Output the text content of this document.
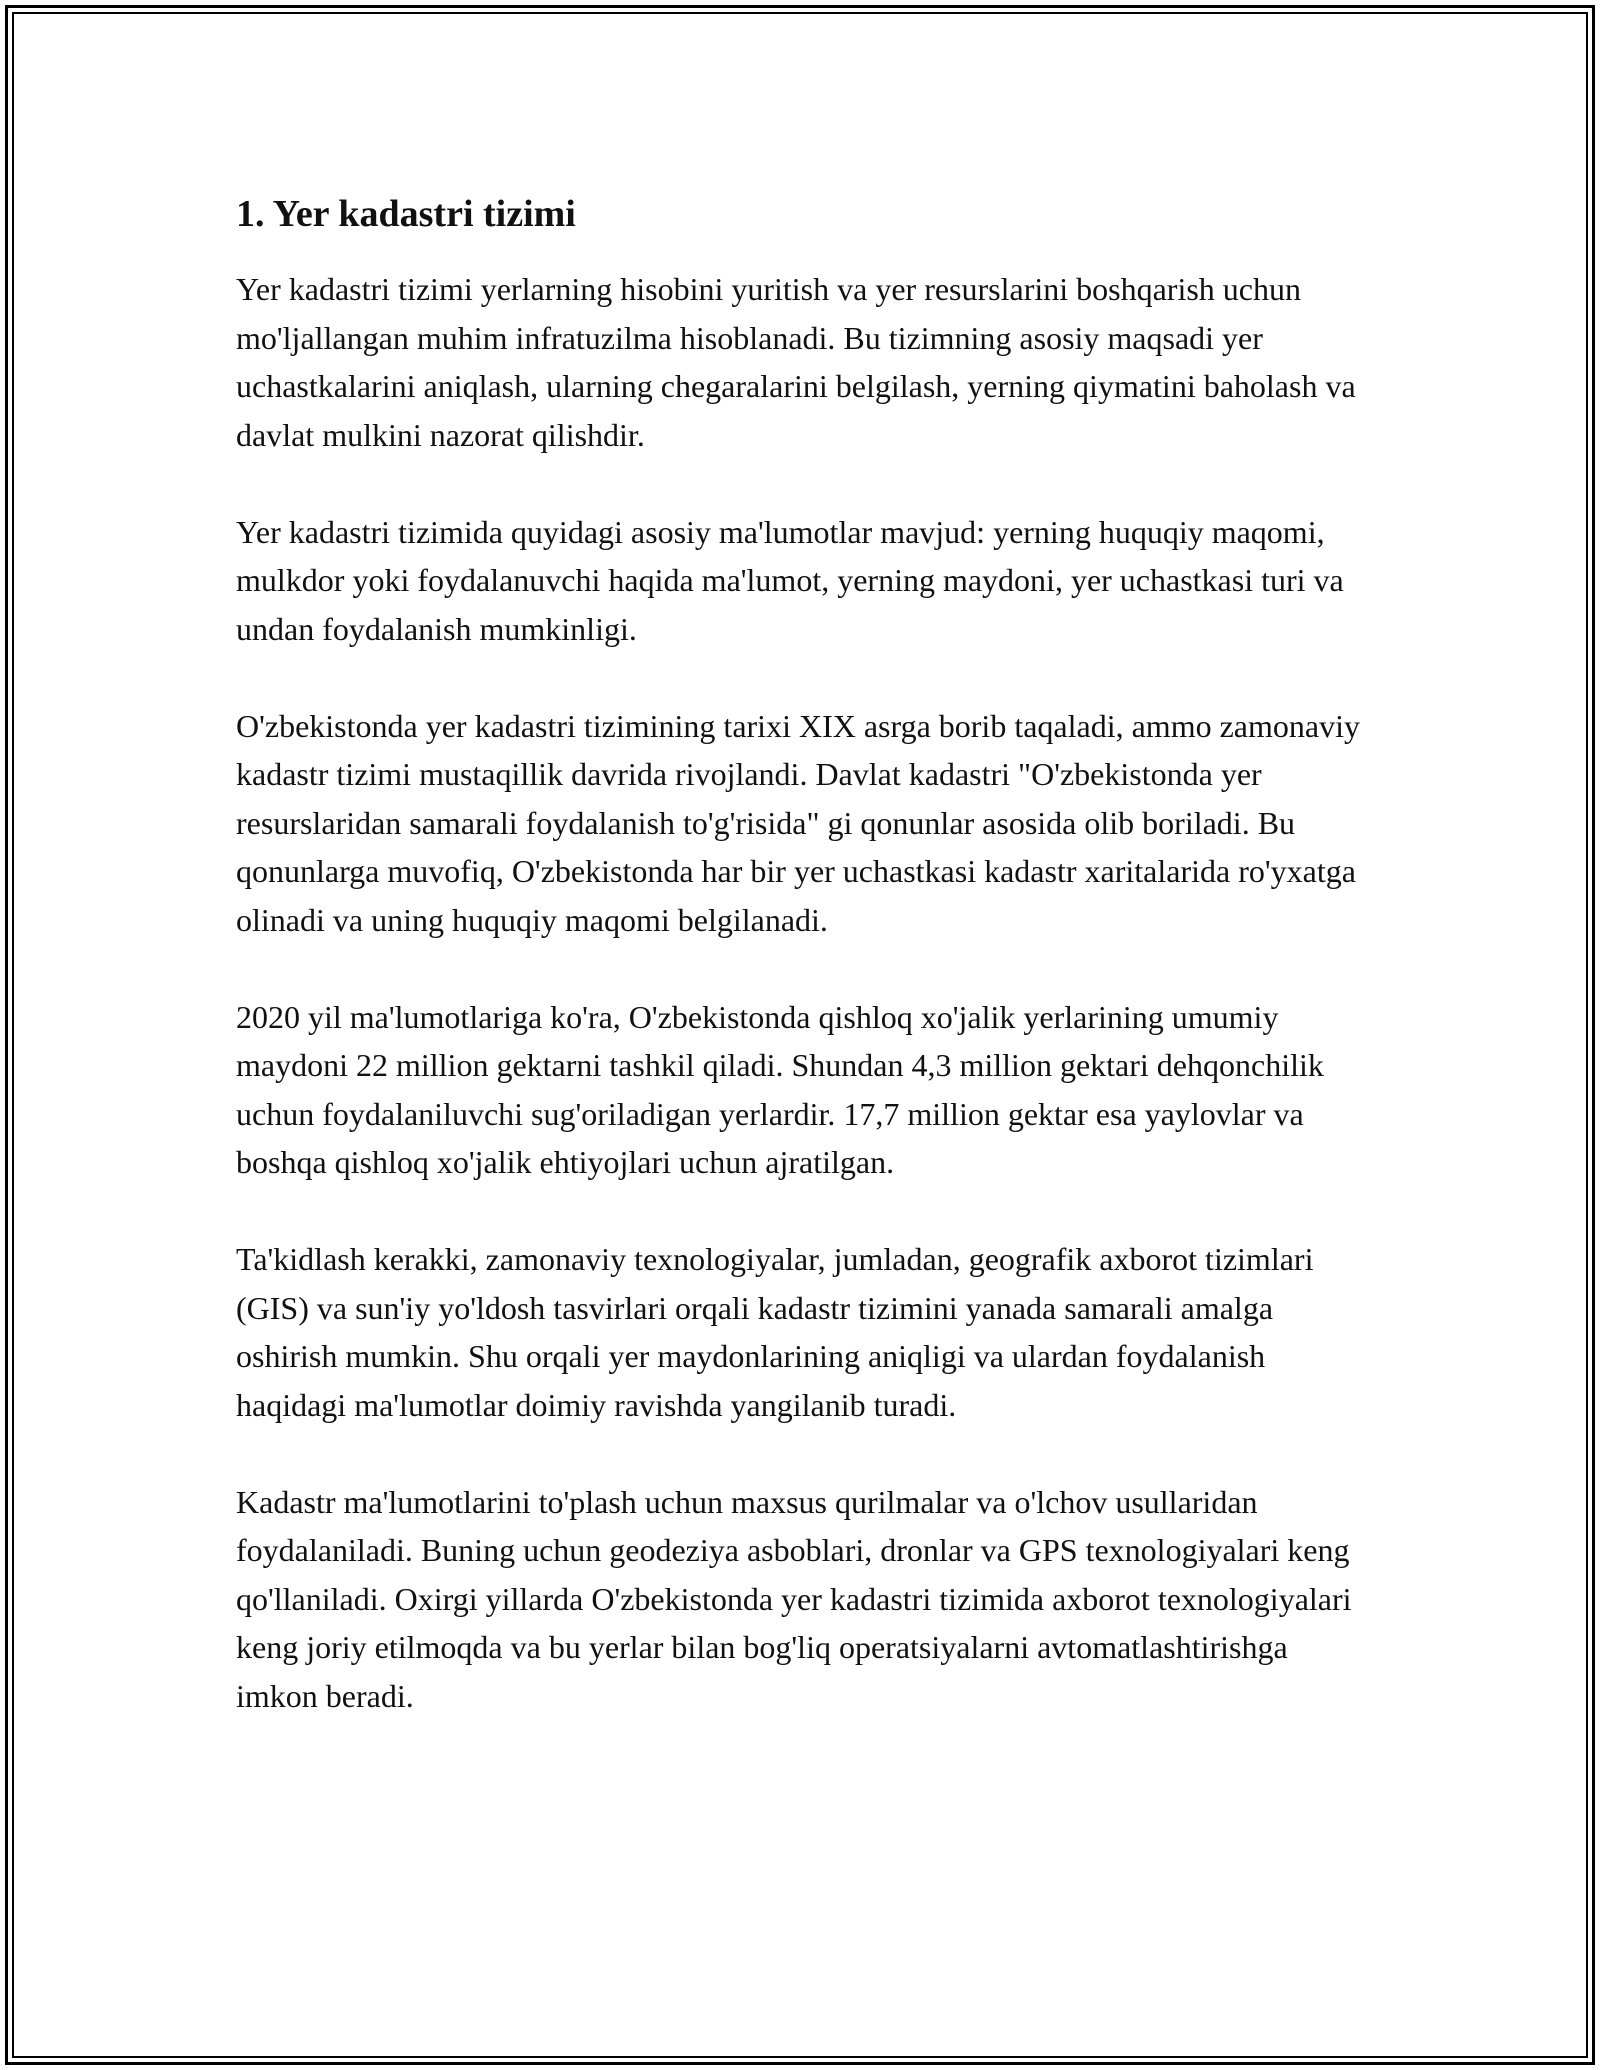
1. Yer kadastri tizimi

Yer kadastri tizimi yerlarning hisobini yuritish va yer resurslarini boshqarish uchun mo'ljallangan muhim infratuzilma hisoblanadi. Bu tizimning asosiy maqsadi yer uchastkalarini aniqlash, ularning chegaralarini belgilash, yerning qiymatini baholash va davlat mulkini nazorat qilishdir.

Yer kadastri tizimida quyidagi asosiy ma'lumotlar mavjud: yerning huquqiy maqomi, mulkdor yoki foydalanuvchi haqida ma'lumot, yerning maydoni, yer uchastkasi turi va undan foydalanish mumkinligi.

O'zbekistonda yer kadastri tizimining tarixi XIX asrga borib taqaladi, ammo zamonaviy kadastr tizimi mustaqillik davrida rivojlandi. Davlat kadastri "O'zbekistonda yer resurslaridan samarali foydalanish to'g'risida" gi qonunlar asosida olib boriladi. Bu qonunlarga muvofiq, O'zbekistonda har bir yer uchastkasi kadastr xaritalarida ro'yxatga olinadi va uning huquqiy maqomi belgilanadi.

2020 yil ma'lumotlariga ko'ra, O'zbekistonda qishloq xo'jalik yerlarining umumiy maydoni 22 million gektarni tashkil qiladi. Shundan 4,3 million gektari dehqonchilik uchun foydalaniluvchi sug'oriladigan yerlardir. 17,7 million gektar esa yaylovlar va boshqa qishloq xo'jalik ehtiyojlari uchun ajratilgan.

Ta'kidlash kerakki, zamonaviy texnologiyalar, jumladan, geografik axborot tizimlari (GIS) va sun'iy yo'ldosh tasvirlari orqali kadastr tizimini yanada samarali amalga oshirish mumkin. Shu orqali yer maydonlarining aniqligi va ulardan foydalanish haqidagi ma'lumotlar doimiy ravishda yangilanib turadi.

Kadastr ma'lumotlarini to'plash uchun maxsus qurilmalar va o'lchov usullaridan foydalaniladi. Buning uchun geodeziya asboblari, dronlar va GPS texnologiyalari keng qo'llaniladi. Oxirgi yillarda O'zbekistonda yer kadastri tizimida axborot texnologiyalari keng joriy etilmoqda va bu yerlar bilan bog'liq operatsiyalarni avtomatlashtirishga imkon beradi.
